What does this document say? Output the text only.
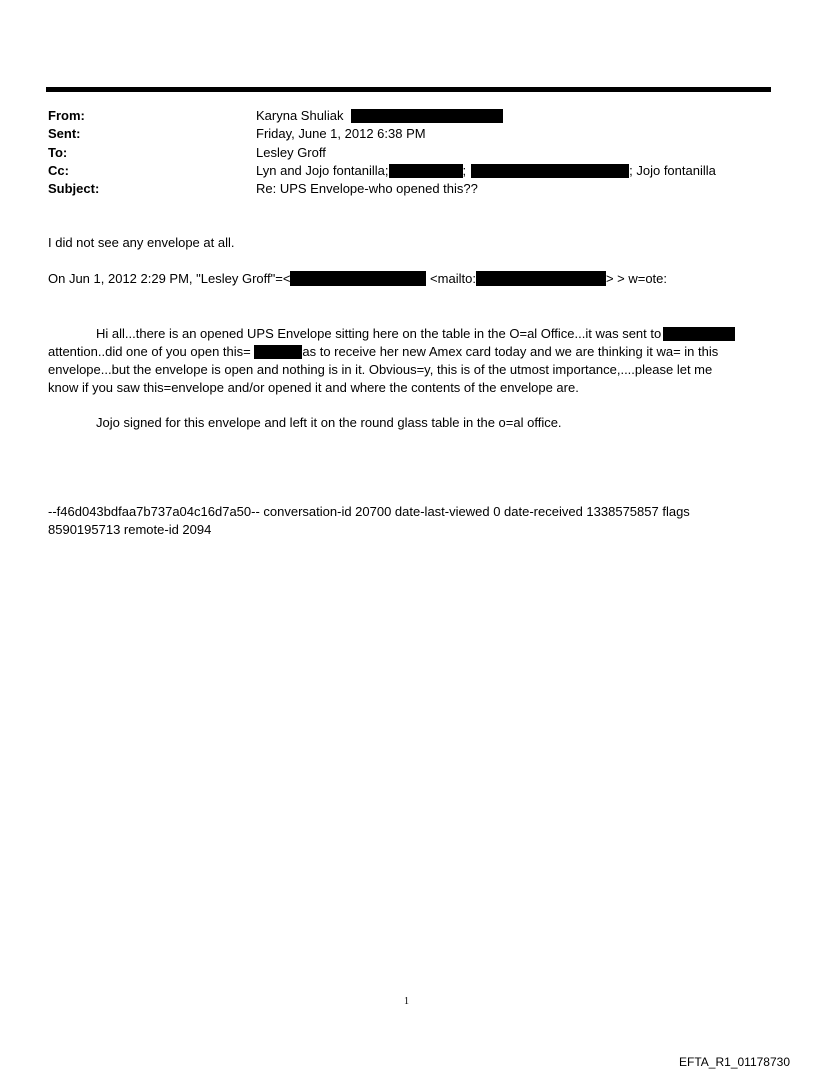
From:	Karyna Shuliak
Sent:	Friday, June 1, 2012 6:38 PM
To:	Lesley Groff
Cc:	Lyn and Jojo fontanilla;	;	; Jojo fontanilla
Subject:	Re: UPS Envelope-who opened this??
I did not see any envelope at all.
On Jun 1, 2012 2:29 PM, "Lesley Groff"=<	<mailto:	> > w=ote:
Hi all...there is an opened UPS Envelope sitting here on the table in the O=al Office...it was sent to
attention..did one of you open this=	as to receive her new Amex card today and we are thinking it wa= in this
envelope...but the envelope is open and nothing is in it. Obvious=y, this is of the utmost importance,....please let me
know if you saw this=envelope and/or opened it and where the contents of the envelope are.
Jojo signed for this envelope and left it on the round glass table in the o=al office.
--f46d043bdfaa7b737a04c16d7a50-- conversation-id 20700 date-last-viewed 0 date-received 1338575857 flags
8590195713 remote-id 2094
1
EFTA_R1_01178730
